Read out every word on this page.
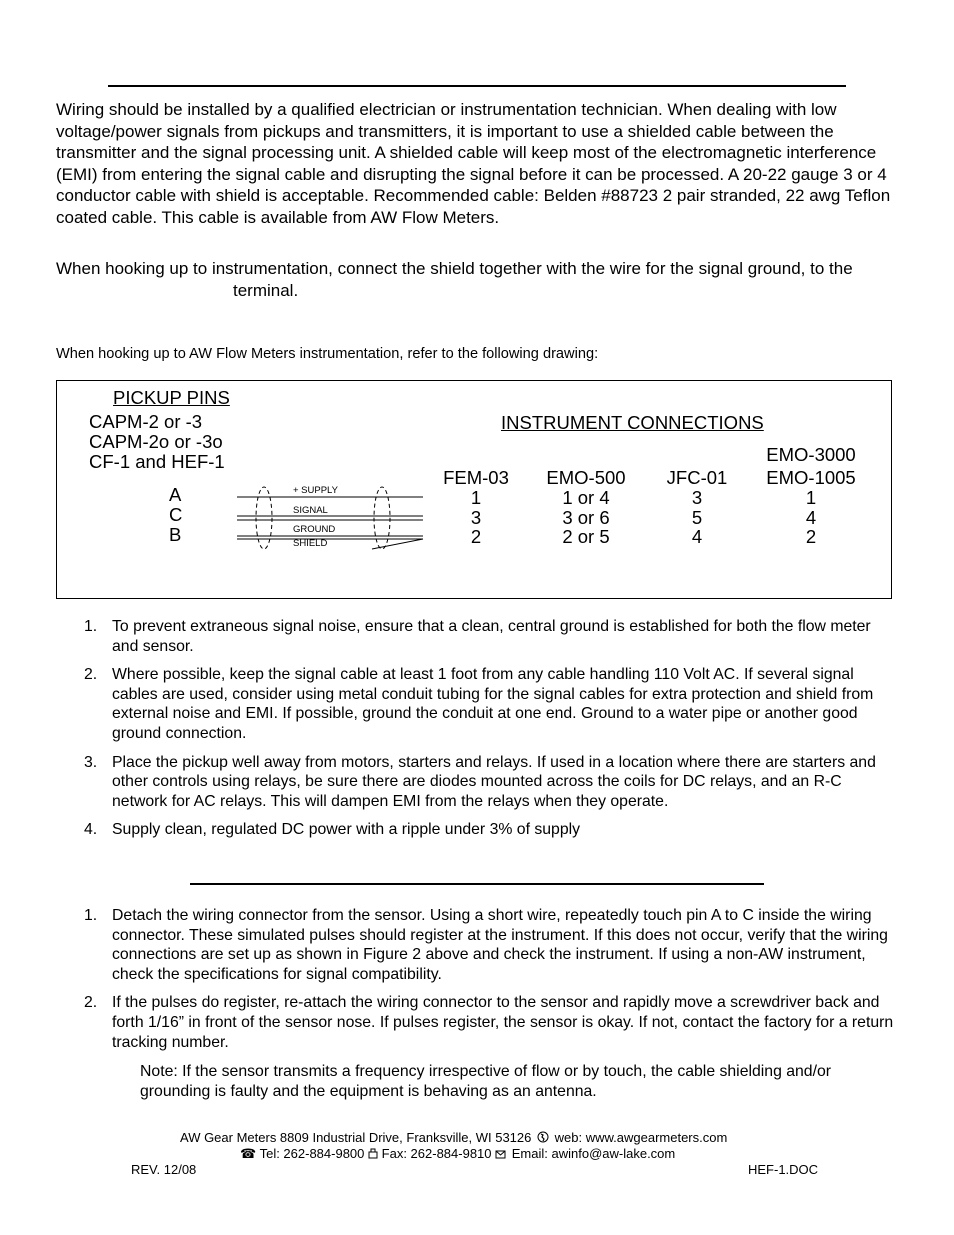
Wiring should be installed by a qualified electrician or instrumentation technician. When dealing with low voltage/power signals from pickups and transmitters, it is important to use a shielded cable between the transmitter and the signal processing unit. A shielded cable will keep most of the electromagnetic interference (EMI) from entering the signal cable and disrupting the signal before it can be processed. A 20-22 gauge 3 or 4 conductor cable with shield is acceptable. Recommended cable: Belden #88723 2 pair stranded, 22 awg Teflon coated cable. This cable is available from AW Flow Meters.

When hooking up to instrumentation, connect the shield together with the wire for the signal ground, to theterminal.

When hooking up to AW Flow Meters instrumentation, refer to the following drawing:

PICKUP PINS
CAPM-2 or -3
CAPM-2o or -3o
CF-1 and HEF-1
A
C
B
+ SUPPLY
SIGNAL
GROUND
SHIELD
INSTRUMENT CONNECTIONS
FEM-03
1
3
2
EMO-500
1 or 4
3 or 6
2 or 5
JFC-01
3
5
4
EMO-3000
EMO-1005
1
4
2
1. To prevent extraneous signal noise, ensure that a clean, central ground is established for both the flow meter and sensor.
2. Where possible, keep the signal cable at least 1 foot from any cable handling 110 Volt AC. If several signal cables are used, consider using metal conduit tubing for the signal cables for extra protection and shield from external noise and EMI. If possible, ground the conduit at one end. Ground to a water pipe or another good ground connection.
3. Place the pickup well away from motors, starters and relays. If used in a location where there are starters and other controls using relays, be sure there are diodes mounted across the coils for DC relays, and an R-C network for AC relays. This will dampen EMI from the relays when they operate.
4. Supply clean, regulated DC power with a ripple under 3% of supply
1. Detach the wiring connector from the sensor. Using a short wire, repeatedly touch pin A to C inside the wiring connector. These simulated pulses should register at the instrument. If this does not occur, verify that the wiring connections are set up as shown in Figure 2 above and check the instrument. If using a non-AW instrument, check the specifications for signal compatibility.
2. If the pulses do register, re-attach the wiring connector to the sensor and rapidly move a screwdriver back and forth 1/16” in front of the sensor nose. If pulses register, the sensor is okay. If not, contact the factory for a return tracking number.
Note: If the sensor transmits a frequency irrespective of flow or by touch, the cable shielding and/or grounding is faulty and the equipment is behaving as an antenna.
AW Gear Meters 8809 Industrial Drive, Franksville, WI 53126 web: www.awgearmeters.com
☎ Tel: 262-884-9800 Fax: 262-884-9810 Email: awinfo@aw-lake.com
REV. 12/08	HEF-1.DOC
